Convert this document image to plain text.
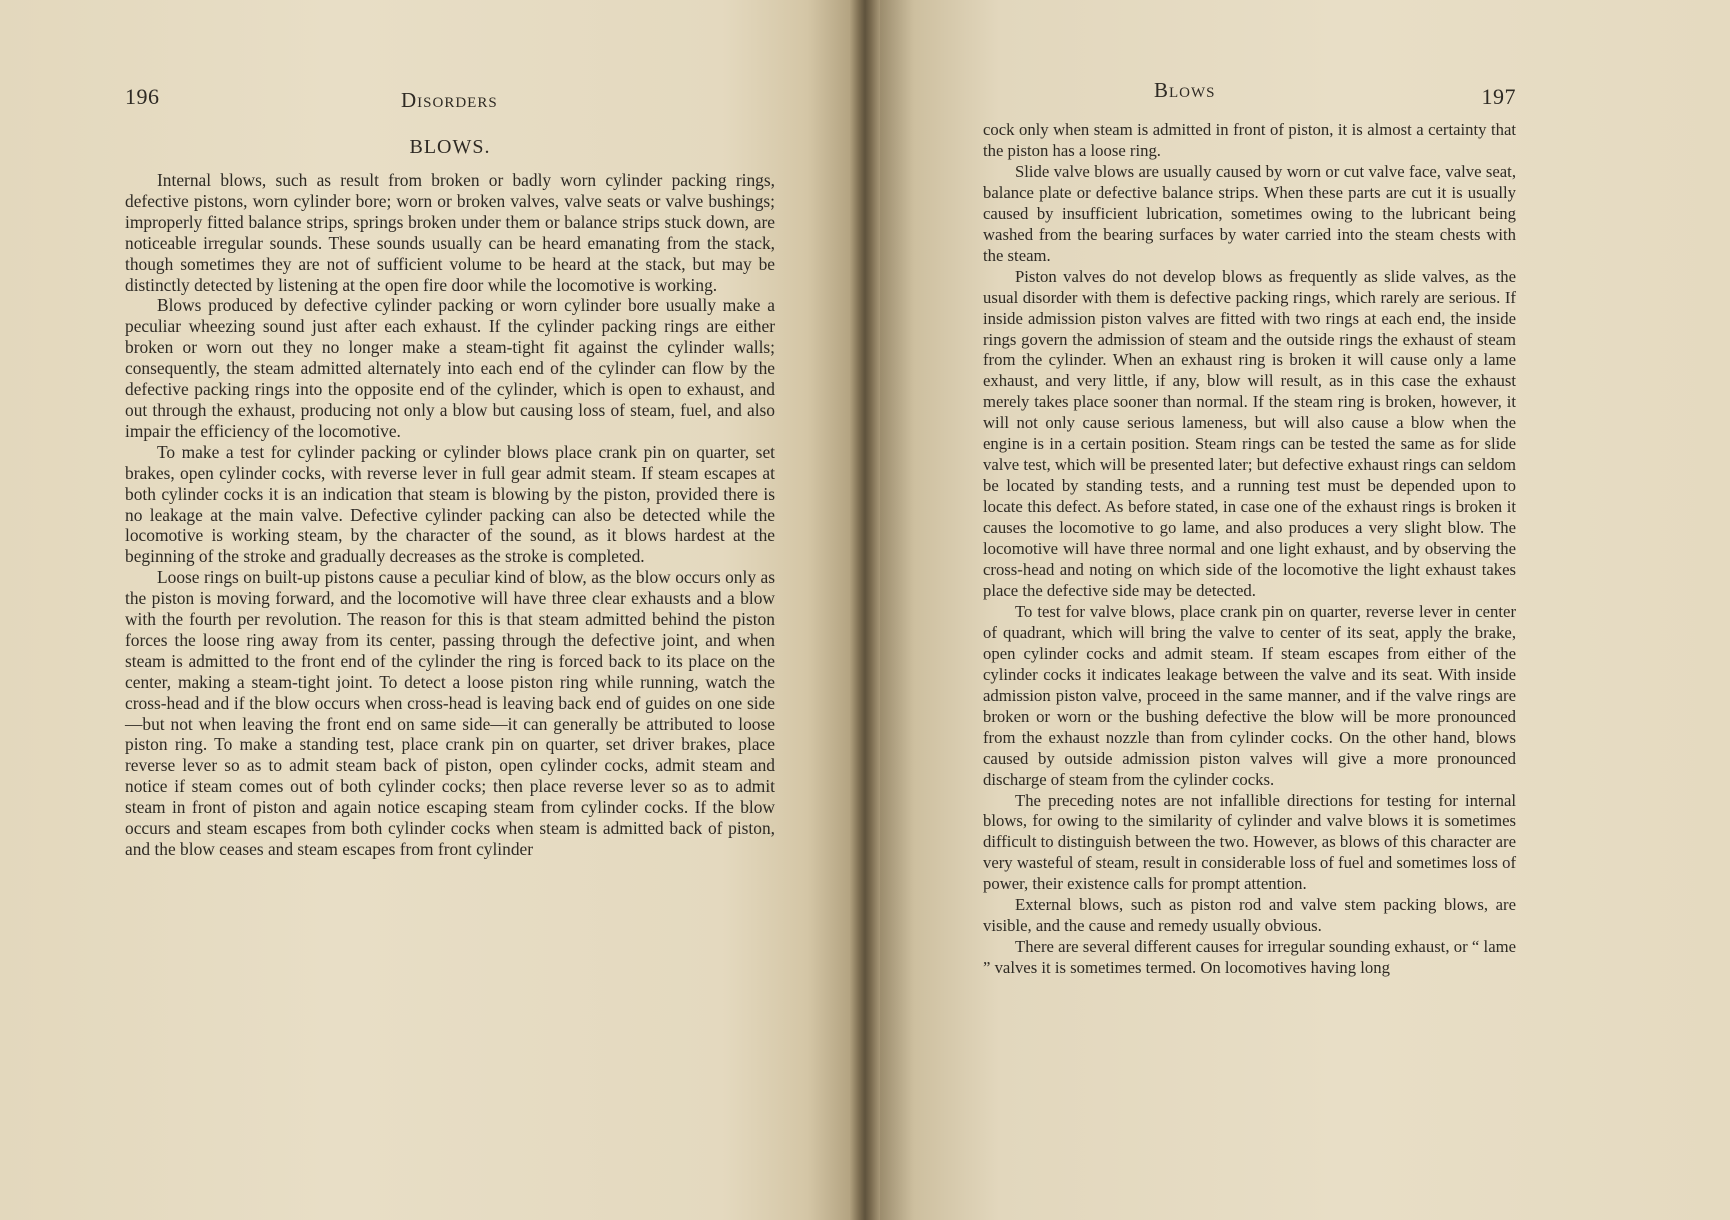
196	Disorders
BLOWS.

Internal blows, such as result from broken or badly worn cylinder packing rings, defective pistons, worn cylinder bore; worn or broken valves, valve seats or valve bushings; improperly fitted balance strips, springs broken under them or balance strips stuck down, are noticeable irregular sounds. These sounds usually can be heard emanating from the stack, though sometimes they are not of sufficient volume to be heard at the stack, but may be distinctly detected by listening at the open fire door while the locomotive is working.

Blows produced by defective cylinder packing or worn cylinder bore usually make a peculiar wheezing sound just after each exhaust. If the cylinder packing rings are either broken or worn out they no longer make a steam-tight fit against the cylinder walls; consequently, the steam admitted alternately into each end of the cylinder can flow by the defective packing rings into the opposite end of the cylinder, which is open to exhaust, and out through the exhaust, producing not only a blow but causing loss of steam, fuel, and also impair the efficiency of the locomotive.

To make a test for cylinder packing or cylinder blows place crank pin on quarter, set brakes, open cylinder cocks, with reverse lever in full gear admit steam. If steam escapes at both cylinder cocks it is an indication that steam is blowing by the piston, provided there is no leakage at the main valve. Defective cylinder packing can also be detected while the locomotive is working steam, by the character of the sound, as it blows hardest at the beginning of the stroke and gradually decreases as the stroke is completed.

Loose rings on built-up pistons cause a peculiar kind of blow, as the blow occurs only as the piston is moving forward, and the locomotive will have three clear exhausts and a blow with the fourth per revolution. The reason for this is that steam admitted behind the piston forces the loose ring away from its center, passing through the defective joint, and when steam is admitted to the front end of the cylinder the ring is forced back to its place on the center, making a steam-tight joint. To detect a loose piston ring while running, watch the cross-head and if the blow occurs when cross-head is leaving back end of guides on one side—but not when leaving the front end on same side—it can generally be attributed to loose piston ring. To make a standing test, place crank pin on quarter, set driver brakes, place reverse lever so as to admit steam back of piston, open cylinder cocks, admit steam and notice if steam comes out of both cylinder cocks; then place reverse lever so as to admit steam in front of piston and again notice escaping steam from cylinder cocks. If the blow occurs and steam escapes from both cylinder cocks when steam is admitted back of piston, and the blow ceases and steam escapes from front cylinder

Blows	197

cock only when steam is admitted in front of piston, it is almost a certainty that the piston has a loose ring.

Slide valve blows are usually caused by worn or cut valve face, valve seat, balance plate or defective balance strips. When these parts are cut it is usually caused by insufficient lubrication, sometimes owing to the lubricant being washed from the bearing surfaces by water carried into the steam chests with the steam.

Piston valves do not develop blows as frequently as slide valves, as the usual disorder with them is defective packing rings, which rarely are serious. If inside admission piston valves are fitted with two rings at each end, the inside rings govern the admission of steam and the outside rings the exhaust of steam from the cylinder. When an exhaust ring is broken it will cause only a lame exhaust, and very little, if any, blow will result, as in this case the exhaust merely takes place sooner than normal. If the steam ring is broken, however, it will not only cause serious lameness, but will also cause a blow when the engine is in a certain position. Steam rings can be tested the same as for slide valve test, which will be presented later; but defective exhaust rings can seldom be located by standing tests, and a running test must be depended upon to locate this defect. As before stated, in case one of the exhaust rings is broken it causes the locomotive to go lame, and also produces a very slight blow. The locomotive will have three normal and one light exhaust, and by observing the cross-head and noting on which side of the locomotive the light exhaust takes place the defective side may be detected.

To test for valve blows, place crank pin on quarter, reverse lever in center of quadrant, which will bring the valve to center of its seat, apply the brake, open cylinder cocks and admit steam. If steam escapes from either of the cylinder cocks it indicates leakage between the valve and its seat. With inside admission piston valve, proceed in the same manner, and if the valve rings are broken or worn or the bushing defective the blow will be more pronounced from the exhaust nozzle than from cylinder cocks. On the other hand, blows caused by outside admission piston valves will give a more pronounced discharge of steam from the cylinder cocks.

The preceding notes are not infallible directions for testing for internal blows, for owing to the similarity of cylinder and valve blows it is sometimes difficult to distinguish between the two. However, as blows of this character are very wasteful of steam, result in considerable loss of fuel and sometimes loss of power, their existence calls for prompt attention.

External blows, such as piston rod and valve stem packing blows, are visible, and the cause and remedy usually obvious.

There are several different causes for irregular sounding exhaust, or “ lame ” valves it is sometimes termed. On locomotives having long
